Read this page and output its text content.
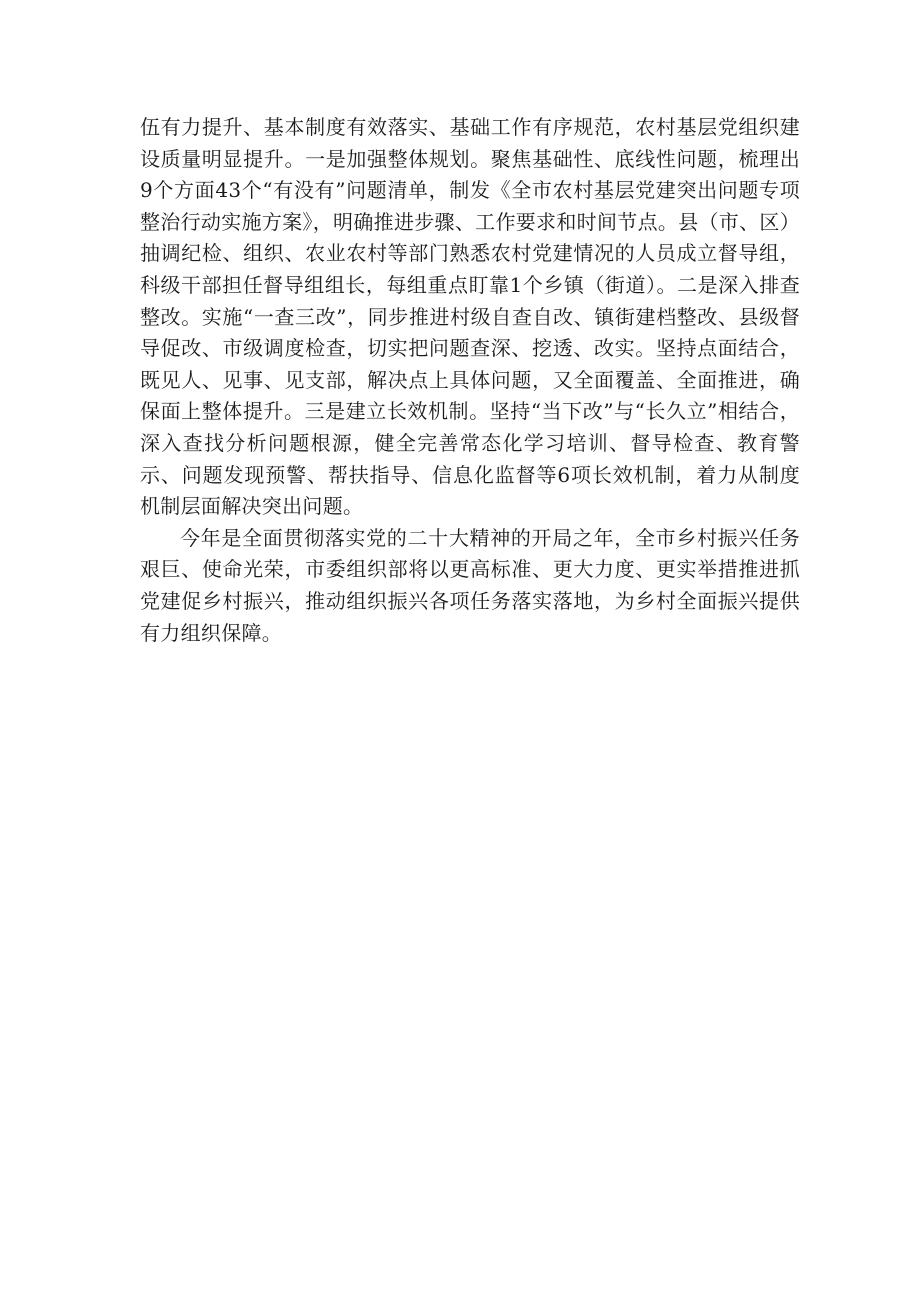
伍有力提升、基本制度有效落实、基础工作有序规范，农村基层党组织建设质量明显提升。一是加强整体规划。聚焦基础性、底线性问题，梳理出9个方面43个“有没有”问题清单，制发《全市农村基层党建突出问题专项整治行动实施方案》，明确推进步骤、工作要求和时间节点。县（市、区）抽调纪检、组织、农业农村等部门熟悉农村党建情况的人员成立督导组，科级干部担任督导组组长，每组重点盯靠1个乡镇（街道）。二是深入排查整改。实施“一查三改”，同步推进村级自查自改、镇街建档整改、县级督导促改、市级调度检查，切实把问题查深、挖透、改实。坚持点面结合，既见人、见事、见支部，解决点上具体问题，又全面覆盖、全面推进，确保面上整体提升。三是建立长效机制。坚持“当下改”与“长久立”相结合，深入查找分析问题根源，健全完善常态化学习培训、督导检查、教育警示、问题发现预警、帮扶指导、信息化监督等6项长效机制，着力从制度机制层面解决突出问题。

今年是全面贯彻落实党的二十大精神的开局之年，全市乡村振兴任务艰巨、使命光荣，市委组织部将以更高标准、更大力度、更实举措推进抓党建促乡村振兴，推动组织振兴各项任务落实落地，为乡村全面振兴提供有力组织保障。
